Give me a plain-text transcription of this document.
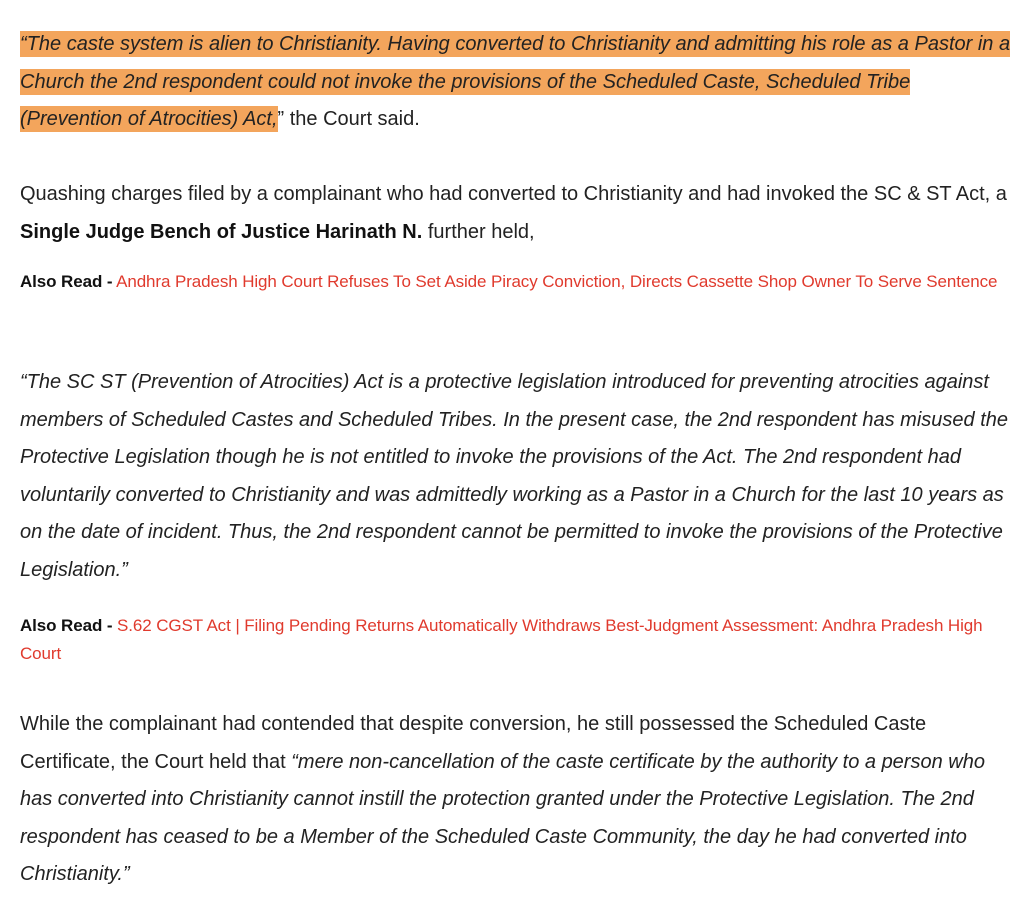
“The caste system is alien to Christianity. Having converted to Christianity and admitting his role as a Pastor in a Church the 2nd respondent could not invoke the provisions of the Scheduled Caste, Scheduled Tribe (Prevention of Atrocities) Act,” the Court said.

Quashing charges filed by a complainant who had converted to Christianity and had invoked the SC & ST Act, a Single Judge Bench of Justice Harinath N. further held,

Also Read - Andhra Pradesh High Court Refuses To Set Aside Piracy Conviction, Directs Cassette Shop Owner To Serve Sentence

“The SC ST (Prevention of Atrocities) Act is a protective legislation introduced for preventing atrocities against members of Scheduled Castes and Scheduled Tribes. In the present case, the 2nd respondent has misused the Protective Legislation though he is not entitled to invoke the provisions of the Act. The 2nd respondent had voluntarily converted to Christianity and was admittedly working as a Pastor in a Church for the last 10 years as on the date of incident. Thus, the 2nd respondent cannot be permitted to invoke the provisions of the Protective Legislation.”

Also Read - S.62 CGST Act | Filing Pending Returns Automatically Withdraws Best-Judgment Assessment: Andhra Pradesh High Court

While the complainant had contended that despite conversion, he still possessed the Scheduled Caste Certificate, the Court held that “mere non-cancellation of the caste certificate by the authority to a person who has converted into Christianity cannot instill the protection granted under the Protective Legislation. The 2nd respondent has ceased to be a Member of the Scheduled Caste Community, the day he had converted into Christianity.”
